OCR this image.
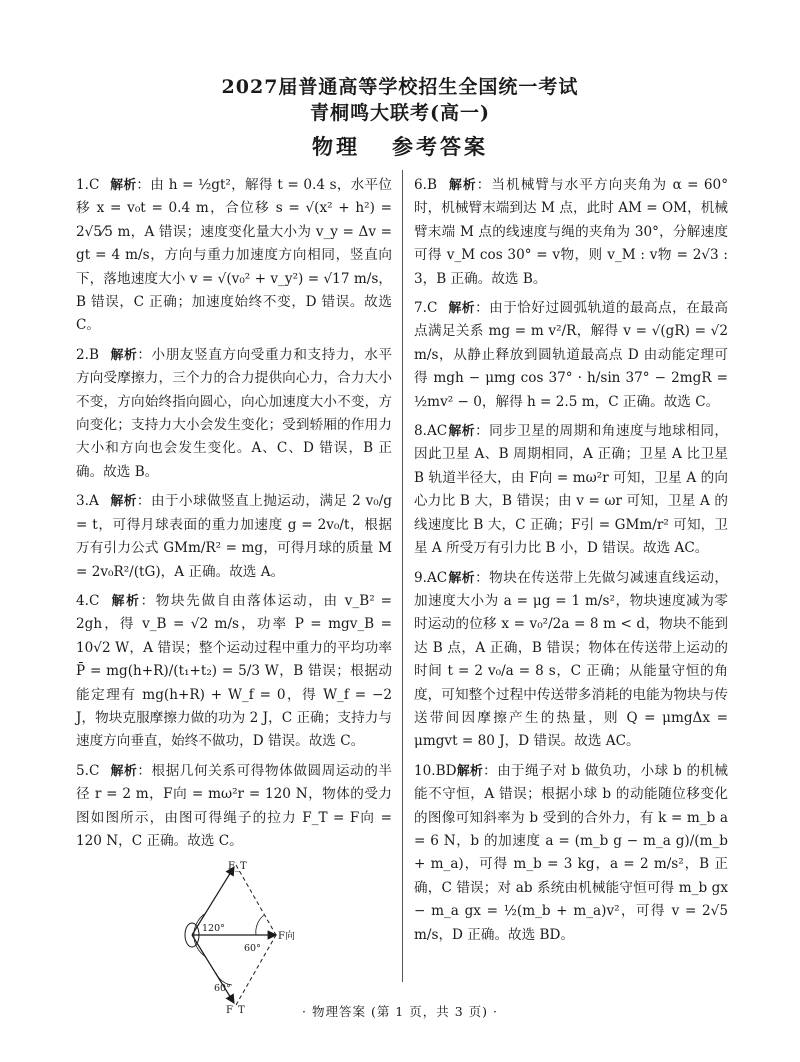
2027届普通高等学校招生全国统一考试
青桐鸣大联考(高一)
物理 参考答案
1.C 解析：由 h = ½gt²，解得 t = 0.4 s，水平位移 x = v₀t = 0.4 m，合位移 s = √(x² + h²) = 2√5⁄5 m，A 错误；速度变化量大小为 v_y = Δv = gt = 4 m/s，方向与重力加速度方向相同，竖直向下，落地速度大小 v = √(v₀² + v_y²) = √17 m/s，B 错误，C 正确；加速度始终不变，D 错误。故选 C。
2.B 解析：小朋友竖直方向受重力和支持力，水平方向受摩擦力，三个力的合力提供向心力，合力大小不变，方向始终指向圆心，向心加速度大小不变，方向变化；支持力大小会发生变化；受到轿厢的作用力大小和方向也会发生变化。A、C、D 错误，B 正确。故选 B。
3.A 解析：由于小球做竖直上抛运动，满足 2 v₀/g = t，可得月球表面的重力加速度 g = 2v₀/t，根据万有引力公式 GMm/R² = mg，可得月球的质量 M = 2v₀R²/(tG)，A 正确。故选 A。
4.C 解析：物块先做自由落体运动，由 v_B² = 2gh，得 v_B = √2 m/s，功率 P = mgv_B = 10√2 W，A 错误；整个运动过程中重力的平均功率 P̄ = mg(h+R)/(t₁+t₂) = 5/3 W，B 错误；根据动能定理有 mg(h+R) + W_f = 0，得 W_f = −2 J，物块克服摩擦力做的功为 2 J，C 正确；支持力与速度方向垂直，始终不做功，D 错误。故选 C。
5.C 解析：根据几何关系可得物体做圆周运动的半径 r = 2 m，F向 = mω²r = 120 N，物体的受力图如图所示，由图可得绳子的拉力 F_T = F向 = 120 N，C 正确。故选 C。
F_T
F向
F_T
120°
60°
60°
6.B 解析：当机械臂与水平方向夹角为 α = 60° 时，机械臂末端到达 M 点，此时 AM = OM，机械臂末端 M 点的线速度与绳的夹角为 30°，分解速度可得 v_M cos 30° = v物，则 v_M : v物 = 2√3 : 3，B 正确。故选 B。
7.C 解析：由于恰好过圆弧轨道的最高点，在最高点满足关系 mg = m v²/R，解得 v = √(gR) = √2 m/s，从静止释放到圆轨道最高点 D 由动能定理可得 mgh − μmg cos 37° · h/sin 37° − 2mgR = ½mv² − 0，解得 h = 2.5 m，C 正确。故选 C。
8.AC解析：同步卫星的周期和角速度与地球相同，因此卫星 A、B 周期相同，A 正确；卫星 A 比卫星 B 轨道半径大，由 F向 = mω²r 可知，卫星 A 的向心力比 B 大，B 错误；由 v = ωr 可知，卫星 A 的线速度比 B 大，C 正确；F引 = GMm/r² 可知，卫星 A 所受万有引力比 B 小，D 错误。故选 AC。
9.AC解析：物块在传送带上先做匀减速直线运动，加速度大小为 a = μg = 1 m/s²，物块速度减为零时运动的位移 x = v₀²/2a = 8 m < d，物块不能到达 B 点，A 正确，B 错误；物体在传送带上运动的时间 t = 2 v₀/a = 8 s，C 正确；从能量守恒的角度，可知整个过程中传送带多消耗的电能为物块与传送带间因摩擦产生的热量，则 Q = μmgΔx = μmgvt = 80 J，D 错误。故选 AC。
10.BD解析：由于绳子对 b 做负功，小球 b 的机械能不守恒，A 错误；根据小球 b 的动能随位移变化的图像可知斜率为 b 受到的合外力，有 k = m_b a = 6 N，b 的加速度 a = (m_b g − m_a g)/(m_b + m_a)，可得 m_b = 3 kg，a = 2 m/s²，B 正确，C 错误；对 ab 系统由机械能守恒可得 m_b gx − m_a gx = ½(m_b + m_a)v²，可得 v = 2√5 m/s，D 正确。故选 BD。
· 物理答案 (第 1 页，共 3 页) ·
